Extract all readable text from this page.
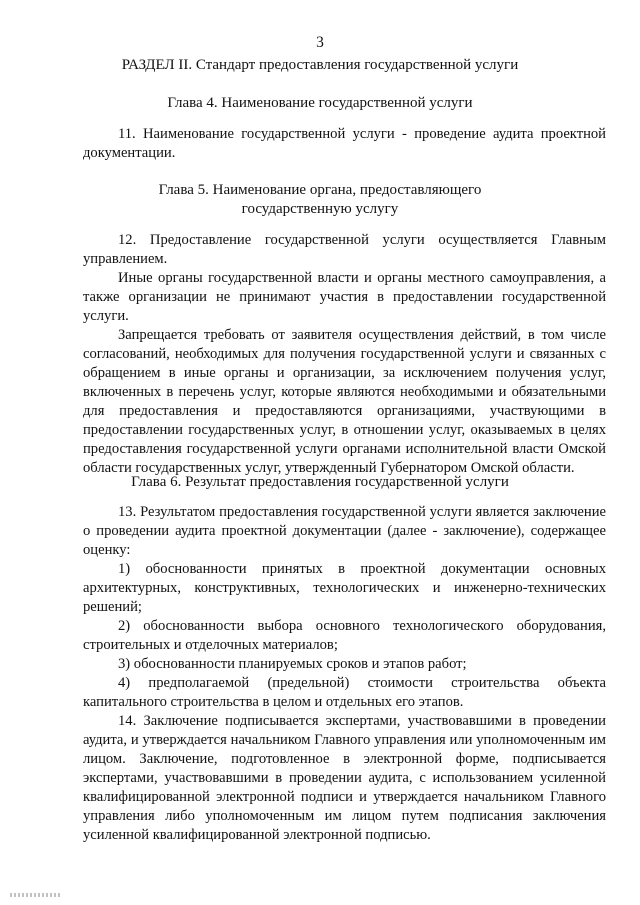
3
РАЗДЕЛ II. Стандарт предоставления государственной услуги
Глава 4. Наименование государственной услуги

11. Наименование государственной услуги - проведение аудита проектной документации.

Глава 5. Наименование органа, предоставляющего
государственную услугу

12. Предоставление государственной услуги осуществляется Главным управлением.

Иные органы государственной власти и органы местного самоуправления, а также организации не принимают участия в предоставлении государственной услуги.

Запрещается требовать от заявителя осуществления действий, в том числе согласований, необходимых для получения государственной услуги и связанных с обращением в иные органы и организации, за исключением получения услуг, включенных в перечень услуг, которые являются необходимыми и обязательными для предоставления и предоставляются организациями, участвующими в предоставлении государственных услуг, в отношении услуг, оказываемых в целях предоставления государственной услуги органами исполнительной власти Омской области государственных услуг, утвержденный Губернатором Омской области.

Глава 6. Результат предоставления государственной услуги

13. Результатом предоставления государственной услуги является заключение о проведении аудита проектной документации (далее - заключение), содержащее оценку:

1) обоснованности принятых в проектной документации основных архитектурных, конструктивных, технологических и инженерно-технических решений;

2) обоснованности выбора основного технологического оборудования, строительных и отделочных материалов;

3) обоснованности планируемых сроков и этапов работ;

4) предполагаемой (предельной) стоимости строительства объекта капитального строительства в целом и отдельных его этапов.

14. Заключение подписывается экспертами, участвовавшими в проведении аудита, и утверждается начальником Главного управления или уполномоченным им лицом. Заключение, подготовленное в электронной форме, подписывается экспертами, участвовавшими в проведении аудита, с использованием усиленной квалифицированной электронной подписи и утверждается начальником Главного управления либо уполномоченным им лицом путем подписания заключения усиленной квалифицированной электронной подписью.
